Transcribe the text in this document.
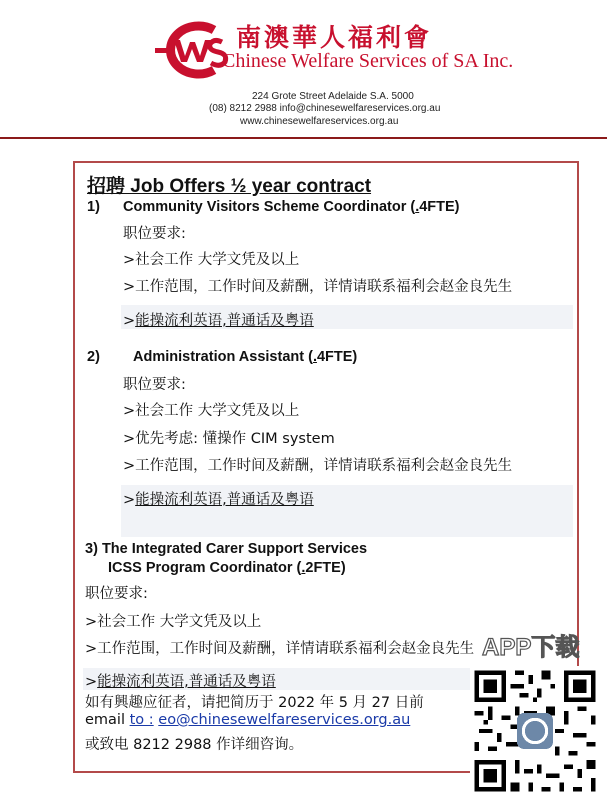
南澳華人福利會
Chinese Welfare Services of SA Inc.
224 Grote Street Adelaide S.A. 5000
(08) 8212 2988 info@chinesewelfareservices.org.au
www.chinesewelfareservices.org.au
招聘 Job Offers ½ year contract
1) Community Visitors Scheme Coordinator (.4FTE)
职位要求:
>社会工作 大学文凭及以上
>工作范围，工作时间及薪酬，详情请联系福利会赵金良先生
>能操流利英语,普通话及粤语
2) Administration Assistant (.4FTE)
职位要求:
>社会工作 大学文凭及以上
>优先考虑: 懂操作 CIM system
>工作范围，工作时间及薪酬，详情请联系福利会赵金良先生
>能操流利英语,普通话及粤语
3) The Integrated Carer Support Services
ICSS Program Coordinator (.2FTE)
职位要求:
>社会工作 大学文凭及以上
>工作范围，工作时间及薪酬，详情请联系福利会赵金良先生
>能操流利英语,普通话及粤语
如有興趣应征者，请把简历于 2022 年 5 月 27 日前
email to : eo@chinesewelfareservices.org.au
或致电 8212 2988 作详细咨询。
APP下载
